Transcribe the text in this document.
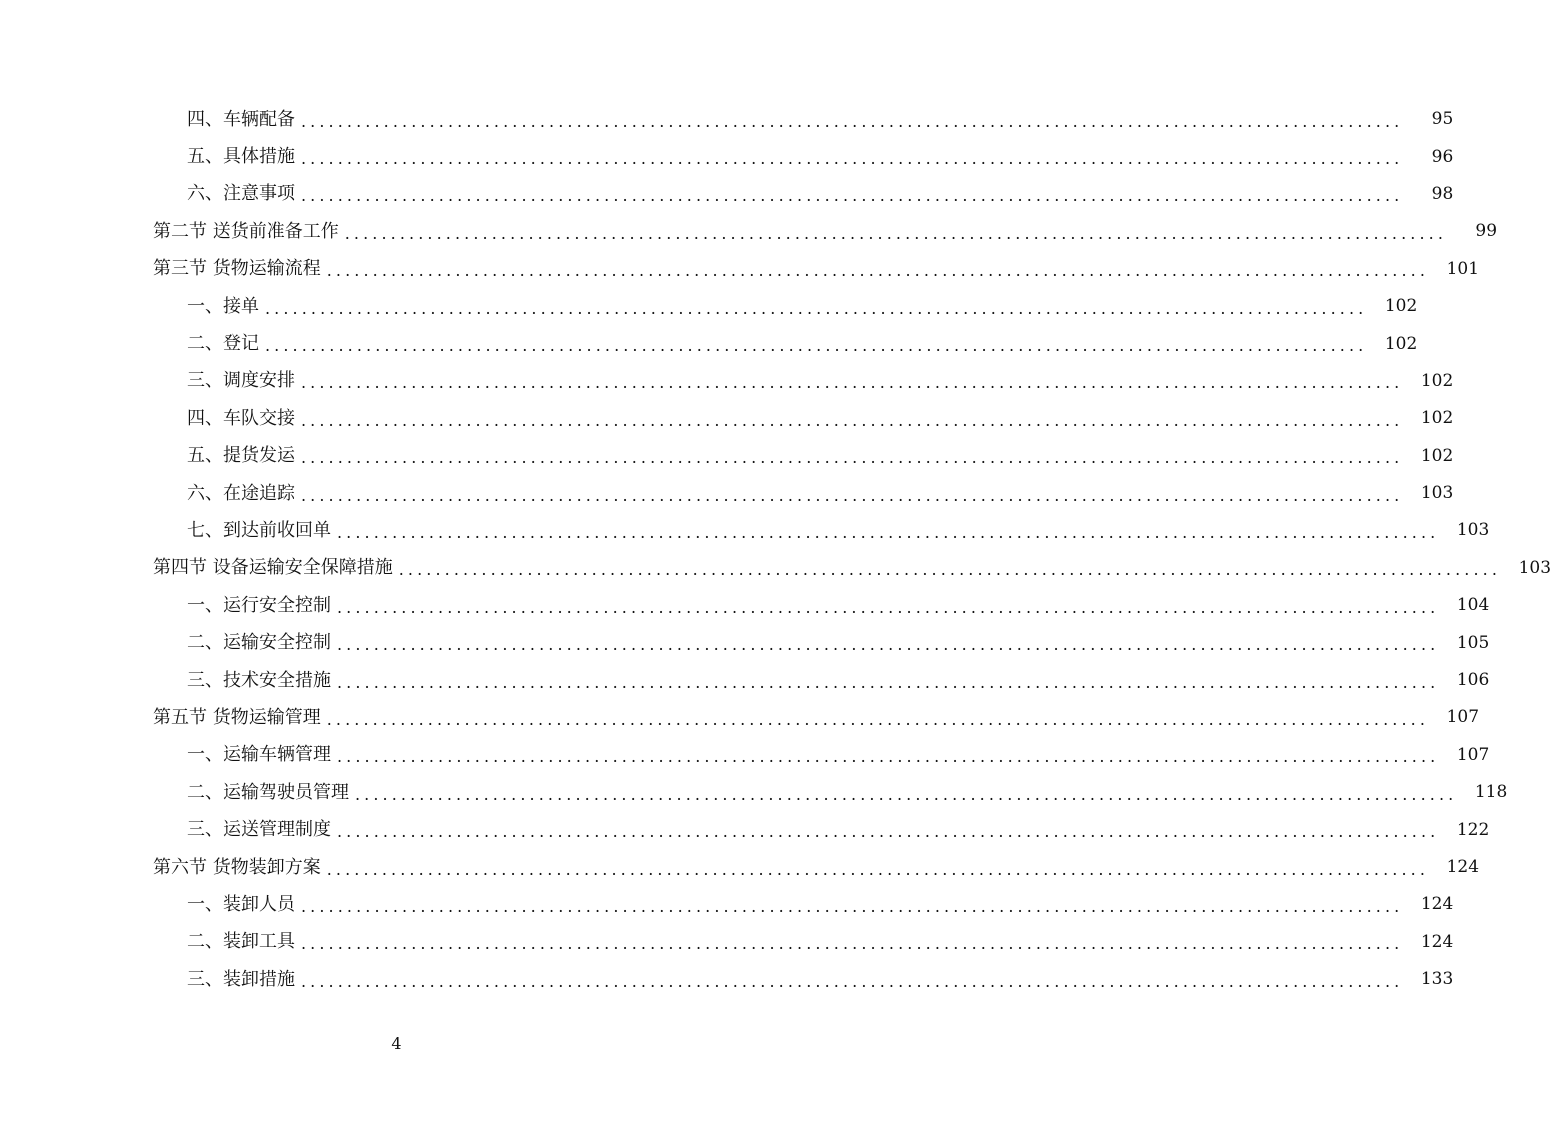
四、车辆配备 ........................................................................................................................	95
五、具体措施 ........................................................................................................................	96
六、注意事项 ........................................................................................................................	98
第二节 送货前准备工作 ........................................................................................................................	99
第三节 货物运输流程 ........................................................................................................................	101
一、接单 ........................................................................................................................	102
二、登记 ........................................................................................................................	102
三、调度安排 ........................................................................................................................	102
四、车队交接 ........................................................................................................................	102
五、提货发运 ........................................................................................................................	102
六、在途追踪 ........................................................................................................................	103
七、到达前收回单 ........................................................................................................................	103
第四节 设备运输安全保障措施 ........................................................................................................................	103
一、运行安全控制 ........................................................................................................................	104
二、运输安全控制 ........................................................................................................................	105
三、技术安全措施 ........................................................................................................................	106
第五节 货物运输管理 ........................................................................................................................	107
一、运输车辆管理 ........................................................................................................................	107
二、运输驾驶员管理 ........................................................................................................................	118
三、运送管理制度 ........................................................................................................................	122
第六节 货物装卸方案 ........................................................................................................................	124
一、装卸人员 ........................................................................................................................	124
二、装卸工具 ........................................................................................................................	124
三、装卸措施 ........................................................................................................................	133
4
